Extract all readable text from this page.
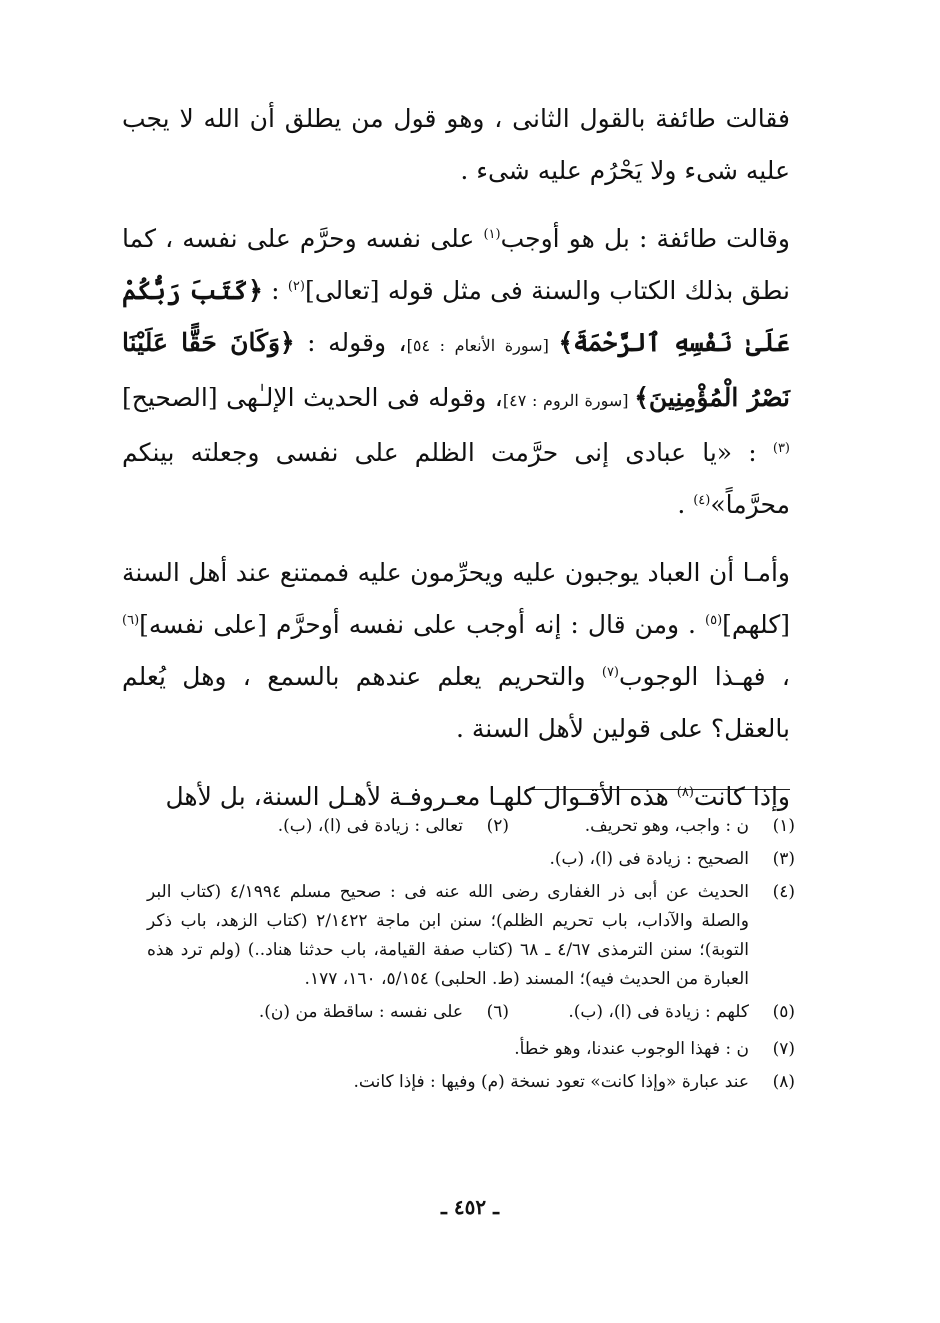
فقالت طائفة بالقول الثانى ، وهو قول من يطلق أن الله لا يجب عليه شىء ولا يَحْرُم عليه شىء .

وقالت طائفة : بل هو أوجب$^{(١)}$ على نفسه وحرَّم على نفسه ، كما نطق بذلك الكتاب والسنة فى مثل قوله [تعالى]$^{(٢)}$ : ﴿كَتَبَ رَبُّكُمْ عَلَىٰ نَفْسِهِ ٱلرَّحْمَةَ﴾ [سورة الأنعام : ٥٤]، وقوله : ﴿وَكَانَ حَقًّا عَلَيْنَا نَصْرُ الْمُؤْمِنِينَ﴾ [سورة الروم : ٤٧]، وقوله فى الحديث الإلـٰهى [الصحيح]$^{(٣)}$ : «يا عبادى إنى حرَّمت الظلم على نفسى وجعلته بينكم محرَّماً»$^{(٤)}$ .

وأمـا أن العباد يوجبون عليه ويحرِّمون عليه فممتنع عند أهل السنة [كلهم]$^{(٥)}$ . ومن قال : إنه أوجب على نفسه أوحرَّم [على نفسه]$^{(٦)}$ ، فهـذا الوجوب$^{(٧)}$ والتحريم يعلم عندهم بالسمع ، وهل يُعلم بالعقل؟ على قولين لأهل السنة .

وإذا كانت$^{(٨)}$ هذه الأقـوال كلهـا معـروفـة لأهـل السنة، بل لأهل

(١)
ن : واجب، وهو تحريف.
(٢)
تعالى : زيادة فى (ا)، (ب).
(٣)
الصحيح : زيادة فى (ا)، (ب).
(٤)
الحديث عن أبى ذر الغفارى رضى الله عنه فى : صحيح مسلم ٤/١٩٩٤ (كتاب البر والصلة والآداب، باب تحريم الظلم)؛ سنن ابن ماجة ٢/١٤٢٢ (كتاب الزهد، باب ذكر التوبة)؛ سنن الترمذى ٤/٦٧ ـ ٦٨ (كتاب صفة القيامة، باب حدثنا هناد..) (ولم ترد هذه العبارة من الحديث فيه)؛ المسند (ط. الحلبى) ٥/١٥٤، ١٦٠، ١٧٧.
(٥)
كلهم : زيادة فى (ا)، (ب).
(٦)
على نفسه : ساقطة من (ن).
(٧)
ن : فهذا الوجوب عندنا، وهو خطأ.
(٨)
عند عبارة «وإذا كانت» تعود نسخة (م) وفيها : فإذا كانت.
ـ ٤٥٢ ـ
